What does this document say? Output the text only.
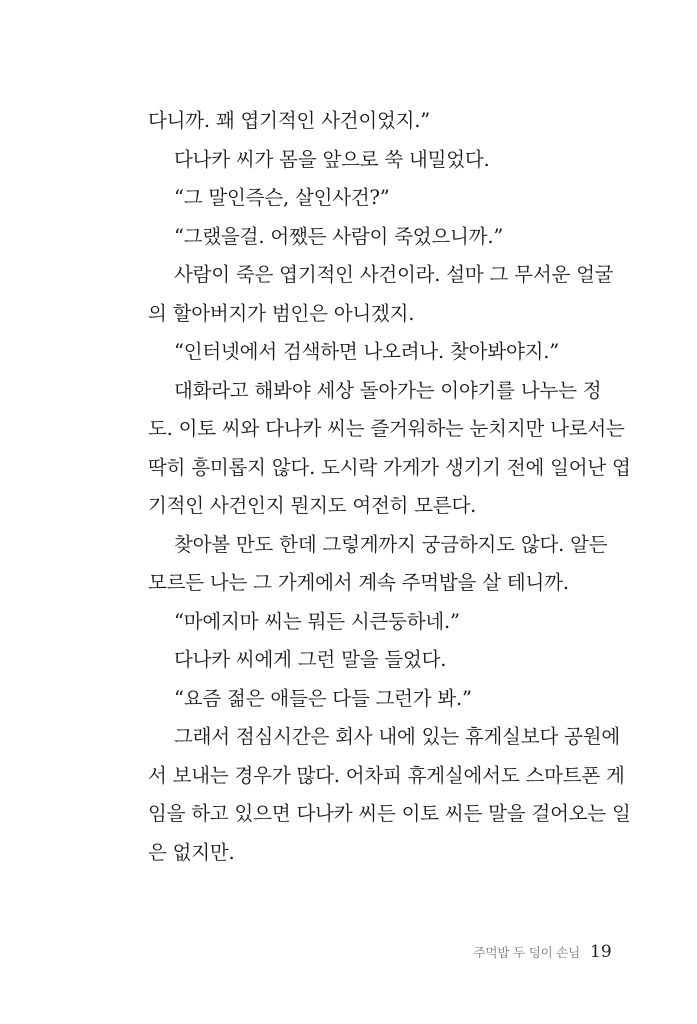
다니까. 꽤 엽기적인 사건이었지.”
다나카 씨가 몸을 앞으로 쑥 내밀었다.
“그 말인즉슨, 살인사건?”
“그랬을걸. 어쨌든 사람이 죽었으니까.”
사람이 죽은 엽기적인 사건이라. 설마 그 무서운 얼굴
의 할아버지가 범인은 아니겠지.
“인터넷에서 검색하면 나오려나. 찾아봐야지.”
대화라고 해봐야 세상 돌아가는 이야기를 나누는 정
도. 이토 씨와 다나카 씨는 즐거워하는 눈치지만 나로서는
딱히 흥미롭지 않다. 도시락 가게가 생기기 전에 일어난 엽
기적인 사건인지 뭔지도 여전히 모른다.
찾아볼 만도 한데 그렇게까지 궁금하지도 않다. 알든
모르든 나는 그 가게에서 계속 주먹밥을 살 테니까.
“마에지마 씨는 뭐든 시큰둥하네.”
다나카 씨에게 그런 말을 들었다.
“요즘 젊은 애들은 다들 그런가 봐.”
그래서 점심시간은 회사 내에 있는 휴게실보다 공원에
서 보내는 경우가 많다. 어차피 휴게실에서도 스마트폰 게
임을 하고 있으면 다나카 씨든 이토 씨든 말을 걸어오는 일
은 없지만.
주먹밥 두 덩이 손님 19
